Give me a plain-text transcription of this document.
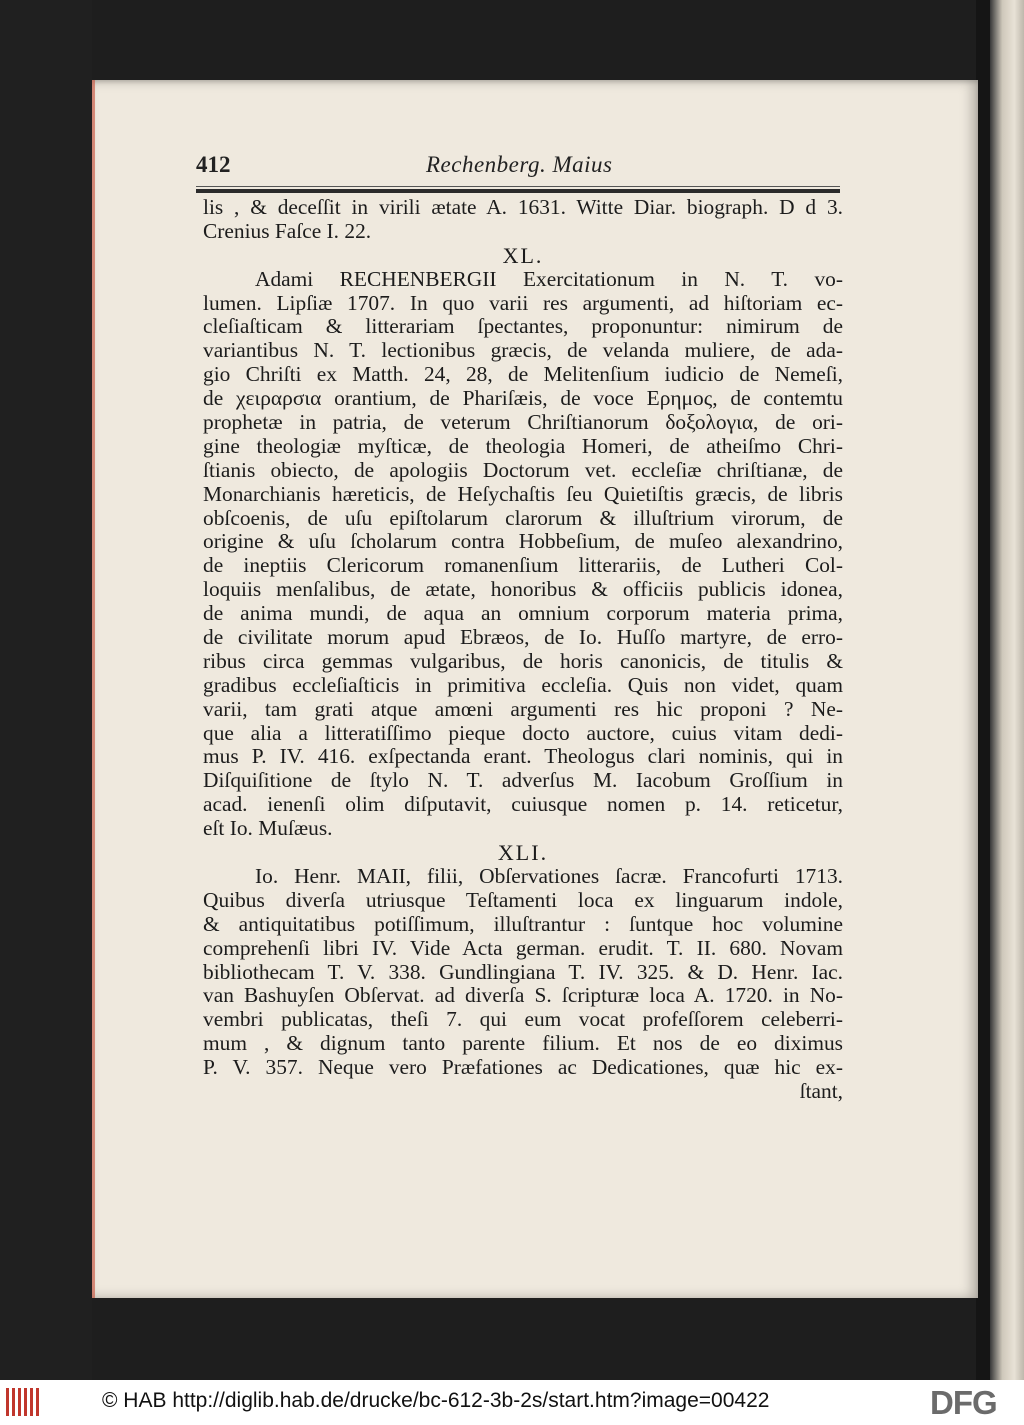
412	Rechenberg. Maius
lis , & deceſſit in virili ætate A. 1631. Witte Diar. biograph. D d 3.
Crenius Faſce I. 22.
XL.
Adami RECHENBERGII Exercitationum in N. T. vo-
lumen. Lipſiæ 1707. In quo varii res argumenti, ad hiſtoriam ec-
cleſiaſticam & litterariam ſpectantes, proponuntur: nimirum de
variantibus N. T. lectionibus græcis, de velanda muliere, de ada-
gio Chriſti ex Matth. 24, 28, de Melitenſium iudicio de Nemeſi,
de χειραρσια orantium, de Phariſæis, de voce Ερημος, de contemtu
prophetæ in patria, de veterum Chriſtianorum δοξολογια, de ori-
gine theologiæ myſticæ, de theologia Homeri, de atheiſmo Chri-
ſtianis obiecto, de apologiis Doctorum vet. eccleſiæ chriſtianæ, de
Monarchianis hæreticis, de Heſychaſtis ſeu Quietiſtis græcis, de libris
obſcoenis, de uſu epiſtolarum clarorum & illuſtrium virorum, de
origine & uſu ſcholarum contra Hobbeſium, de muſeo alexandrino,
de ineptiis Clericorum romanenſium litterariis, de Lutheri Col-
loquiis menſalibus, de ætate, honoribus & officiis publicis idonea,
de anima mundi, de aqua an omnium corporum materia prima,
de civilitate morum apud Ebræos, de Io. Huſſo martyre, de erro-
ribus circa gemmas vulgaribus, de horis canonicis, de titulis &
gradibus eccleſiaſticis in primitiva eccleſia. Quis non videt, quam
varii, tam grati atque amœni argumenti res hic proponi ? Ne-
que alia a litteratiſſimo pieque docto auctore, cuius vitam dedi-
mus P. IV. 416. exſpectanda erant. Theologus clari nominis, qui in
Diſquiſitione de ſtylo N. T. adverſus M. Iacobum Groſſium in
acad. ienenſi olim diſputavit, cuiusque nomen p. 14. reticetur,
eſt Io. Muſæus.
XLI.
Io. Henr. MAII, filii, Obſervationes ſacræ. Francofurti 1713.
Quibus diverſa utriusque Teſtamenti loca ex linguarum indole,
& antiquitatibus potiſſimum, illuſtrantur : ſuntque hoc volumine
comprehenſi libri IV. Vide Acta german. erudit. T. II. 680. Novam
bibliothecam T. V. 338. Gundlingiana T. IV. 325. & D. Henr. Iac.
van Bashuyſen Obſervat. ad diverſa S. ſcripturæ loca A. 1720. in No-
vembri publicatas, theſi 7. qui eum vocat profeſſorem celeberri-
mum , & dignum tanto parente filium. Et nos de eo diximus
P. V. 357. Neque vero Præfationes ac Dedicationes, quæ hic ex-
ſtant,
© HAB http://diglib.hab.de/drucke/bc-612-3b-2s/start.htm?image=00422	DFG
